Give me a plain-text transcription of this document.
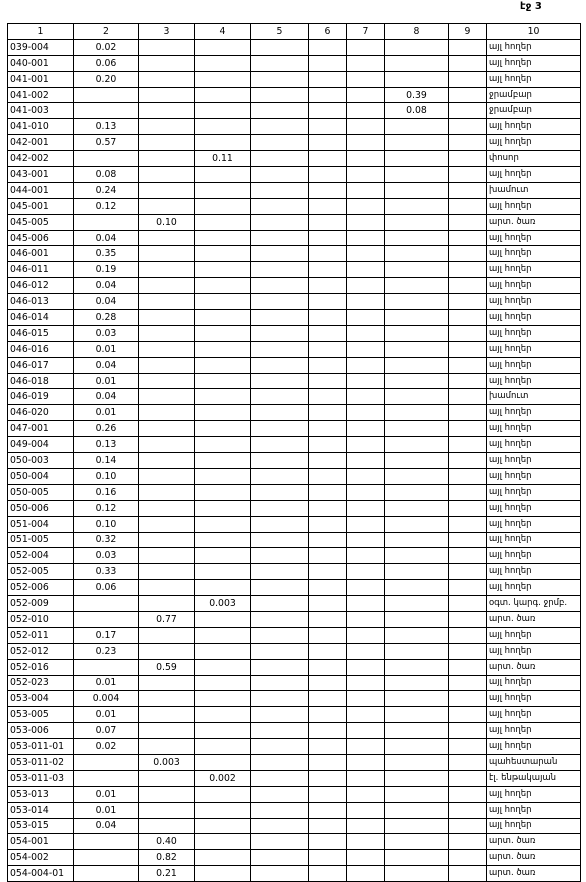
էջ 3
1	2	3	4	5	6	7	8	9	10
039-004	0.02								այլ հողեր
040-001	0.06								այլ հողեր
041-001	0.20								այլ հողեր
041-002							0.39		ջրամբար
041-003							0.08		ջրամբար
041-010	0.13								այլ հողեր
042-001	0.57								այլ հողեր
042-002			0.11						փոսոր
043-001	0.08								այլ հողեր
044-001	0.24								խամուտ
045-001	0.12								այլ հողեր
045-005		0.10							արտ. ծառ
045-006	0.04								այլ հողեր
046-001	0.35								այլ հողեր
046-011	0.19								այլ հողեր
046-012	0.04								այլ հողեր
046-013	0.04								այլ հողեր
046-014	0.28								այլ հողեր
046-015	0.03								այլ հողեր
046-016	0.01								այլ հողեր
046-017	0.04								այլ հողեր
046-018	0.01								այլ հողեր
046-019	0.04								խամուտ
046-020	0.01								այլ հողեր
047-001	0.26								այլ հողեր
049-004	0.13								այլ հողեր
050-003	0.14								այլ հողեր
050-004	0.10								այլ հողեր
050-005	0.16								այլ հողեր
050-006	0.12								այլ հողեր
051-004	0.10								այլ հողեր
051-005	0.32								այլ հողեր
052-004	0.03								այլ հողեր
052-005	0.33								այլ հողեր
052-006	0.06								այլ հողեր
052-009			0.003						օգտ. կարգ. ջրմբ.
052-010		0.77							արտ. ծառ
052-011	0.17								այլ հողեր
052-012	0.23								այլ հողեր
052-016		0.59							արտ. ծառ
052-023	0.01								այլ հողեր
053-004	0.004								այլ հողեր
053-005	0.01								այլ հողեր
053-006	0.07								այլ հողեր
053-011-01	0.02								այլ հողեր
053-011-02		0.003							պահեստարան
053-011-03			0.002						էլ. ենթակայան
053-013	0.01								այլ հողեր
053-014	0.01								այլ հողեր
053-015	0.04								այլ հողեր
054-001		0.40							արտ. ծառ
054-002		0.82							արտ. ծառ
054-004-01		0.21							արտ. ծառ
